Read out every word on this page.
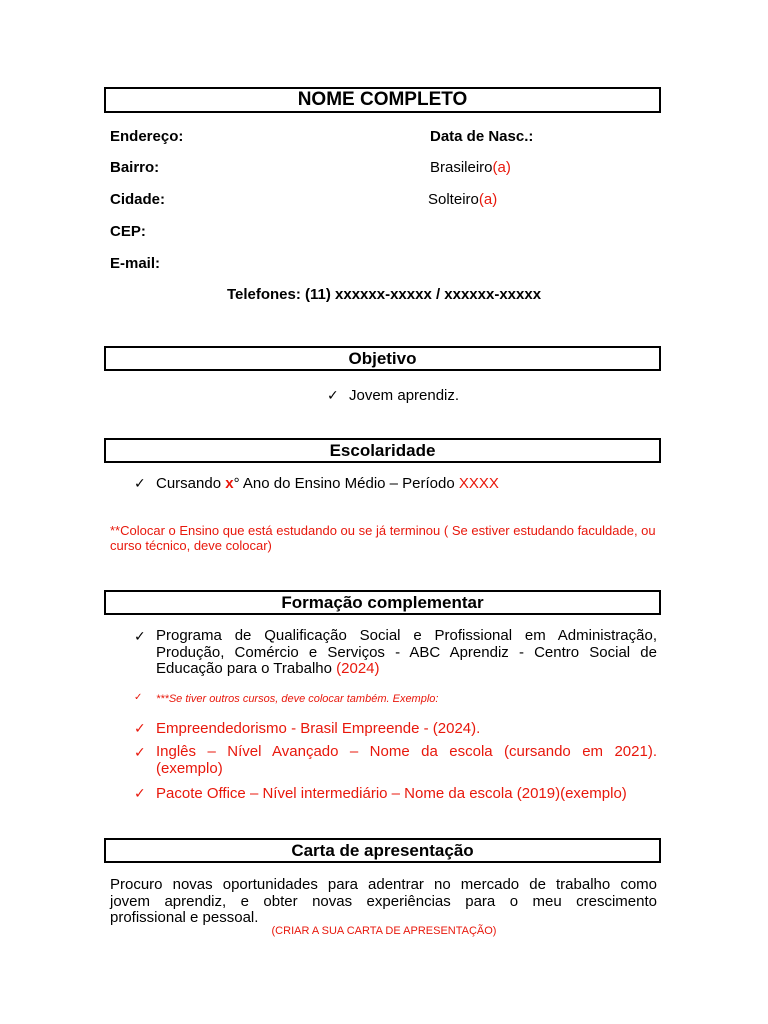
NOME COMPLETO
Endereço:
Bairro:
Cidade:
CEP:
E-mail:
Data de Nasc.:
Brasileiro(a)
Solteiro(a)
Telefones: (11) xxxxxx-xxxxx / xxxxxx-xxxxx
Objetivo
✓ Jovem aprendiz.
Escolaridade
✓ Cursando x° Ano do Ensino Médio – Período XXXX
**Colocar o Ensino que está estudando ou se já terminou ( Se estiver estudando faculdade, ou
curso técnico, deve colocar)
Formação complementar
✓ Programa de Qualificação Social e Profissional em Administração,
Produção, Comércio e Serviços - ABC Aprendiz - Centro Social de
Educação para o Trabalho (2024)
✓ ***Se tiver outros cursos, deve colocar também. Exemplo:
✓ Empreendedorismo - Brasil Empreende - (2024).
✓ Inglês – Nível Avançado – Nome da escola (cursando em 2021).
(exemplo)
✓ Pacote Office – Nível intermediário – Nome da escola (2019)(exemplo)
Carta de apresentação
Procuro novas oportunidades para adentrar no mercado de trabalho como
jovem aprendiz, e obter novas experiências para o meu crescimento
profissional e pessoal.
(CRIAR A SUA CARTA DE APRESENTAÇÃO)
